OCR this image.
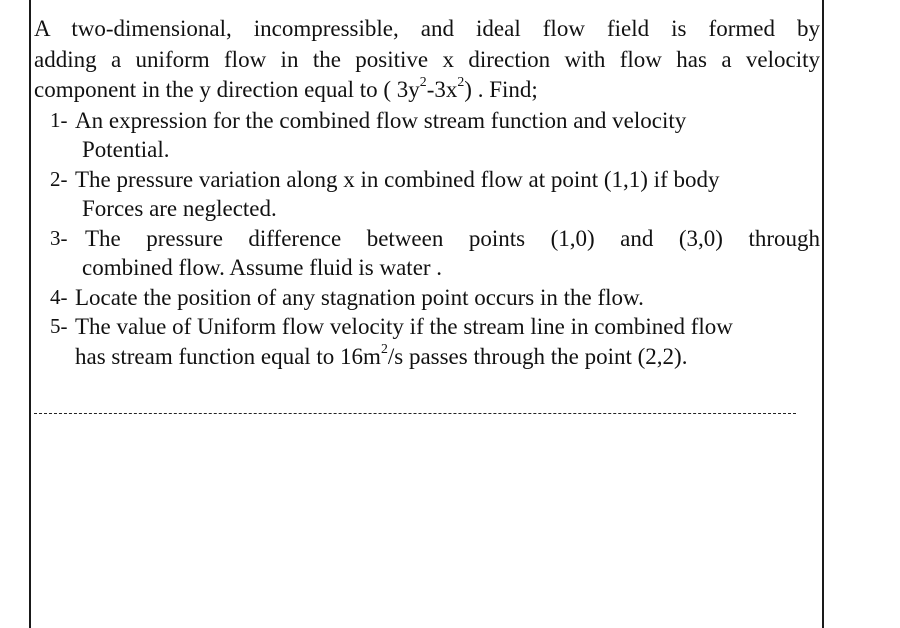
A two-dimensional, incompressible, and ideal flow field is formed by
adding a uniform flow in the positive x direction with flow has a velocity
component in the y direction equal to ( $3y^2-3x^2$) . Find;

1- An expression for the combined flow stream function and velocity
Potential.
2- The pressure variation along x in combined flow at point (1,1) if body
Forces are neglected.
3- The pressure difference between points (1,0) and (3,0) through
combined flow. Assume fluid is water .
4- Locate the position of any stagnation point occurs in the flow.
5- The value of Uniform flow velocity if the stream line in combined flow
has stream function equal to $16m^2/s$ passes through the point (2,2).
